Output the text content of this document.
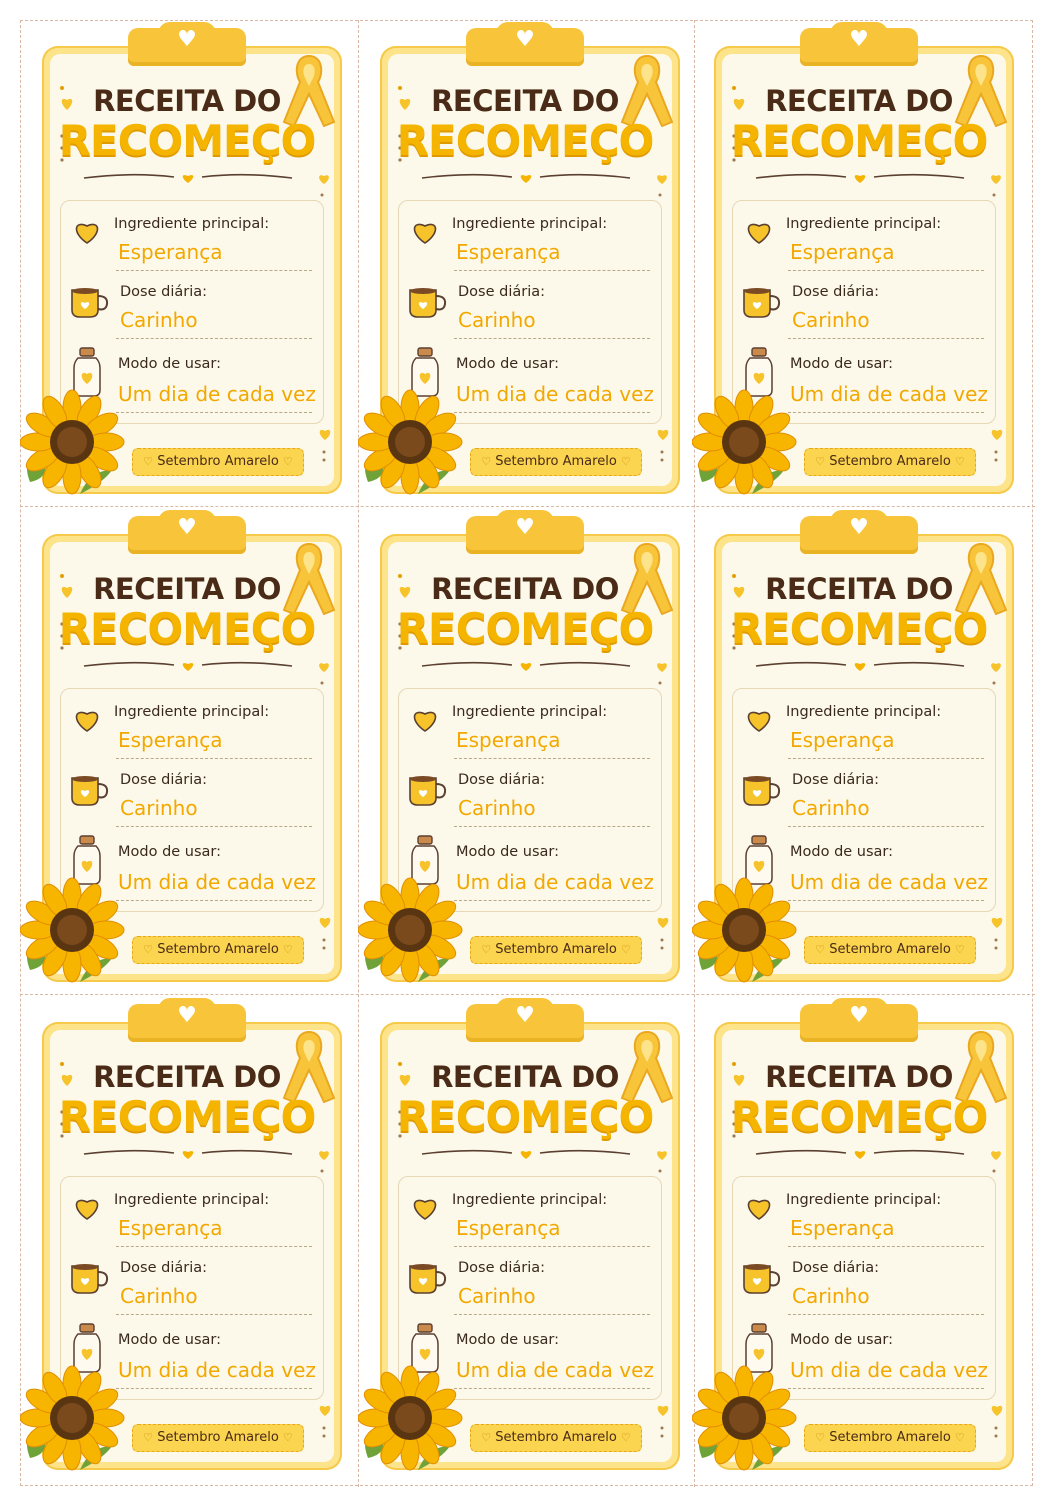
♥
RECEITA DO
RECOMEÇO
Ingrediente principal:
Esperança
Dose diária:
Carinho
Modo de usar:
Um dia de cada vez
♡ Setembro Amarelo ♡
♥
RECEITA DO
RECOMEÇO
Ingrediente principal:
Esperança
Dose diária:
Carinho
Modo de usar:
Um dia de cada vez
♡ Setembro Amarelo ♡
♥
RECEITA DO
RECOMEÇO
Ingrediente principal:
Esperança
Dose diária:
Carinho
Modo de usar:
Um dia de cada vez
♡ Setembro Amarelo ♡
♥
RECEITA DO
RECOMEÇO
Ingrediente principal:
Esperança
Dose diária:
Carinho
Modo de usar:
Um dia de cada vez
♡ Setembro Amarelo ♡
♥
RECEITA DO
RECOMEÇO
Ingrediente principal:
Esperança
Dose diária:
Carinho
Modo de usar:
Um dia de cada vez
♡ Setembro Amarelo ♡
♥
RECEITA DO
RECOMEÇO
Ingrediente principal:
Esperança
Dose diária:
Carinho
Modo de usar:
Um dia de cada vez
♡ Setembro Amarelo ♡
♥
RECEITA DO
RECOMEÇO
Ingrediente principal:
Esperança
Dose diária:
Carinho
Modo de usar:
Um dia de cada vez
♡ Setembro Amarelo ♡
♥
RECEITA DO
RECOMEÇO
Ingrediente principal:
Esperança
Dose diária:
Carinho
Modo de usar:
Um dia de cada vez
♡ Setembro Amarelo ♡
♥
RECEITA DO
RECOMEÇO
Ingrediente principal:
Esperança
Dose diária:
Carinho
Modo de usar:
Um dia de cada vez
♡ Setembro Amarelo ♡
